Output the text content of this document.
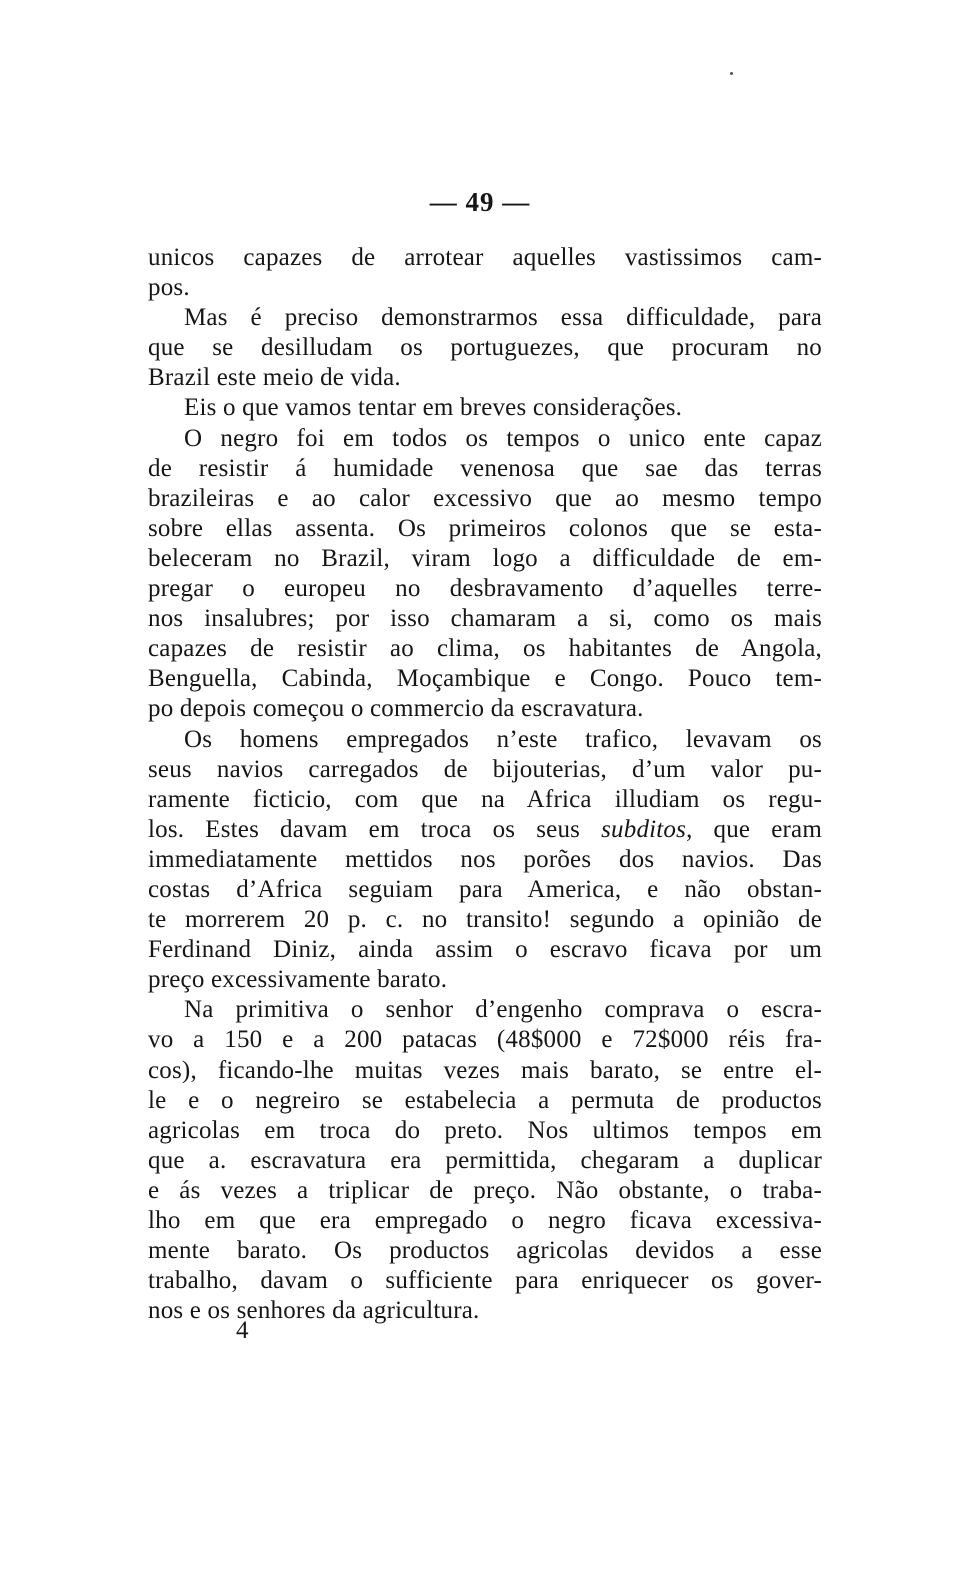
— 49 —
unicos capazes de arrotear aquelles vastissimos cam-
pos.
Mas é preciso demonstrarmos essa difficuldade, para
que se desilludam os portuguezes, que procuram no
Brazil este meio de vida.
Eis o que vamos tentar em breves considerações.
O negro foi em todos os tempos o unico ente capaz
de resistir á humidade venenosa que sae das terras
brazileiras e ao calor excessivo que ao mesmo tempo
sobre ellas assenta. Os primeiros colonos que se esta-
beleceram no Brazil, viram logo a difficuldade de em-
pregar o europeu no desbravamento d’aquelles terre-
nos insalubres; por isso chamaram a si, como os mais
capazes de resistir ao clima, os habitantes de Angola,
Benguella, Cabinda, Moçambique e Congo. Pouco tem-
po depois começou o commercio da escravatura.
Os homens empregados n’este trafico, levavam os
seus navios carregados de bijouterias, d’um valor pu-
ramente ficticio, com que na Africa illudiam os regu-
los. Estes davam em troca os seus subditos, que eram
immediatamente mettidos nos porões dos navios. Das
costas d’Africa seguiam para America, e não obstan-
te morrerem 20 p. c. no transito! segundo a opinião de
Ferdinand Diniz, ainda assim o escravo ficava por um
preço excessivamente barato.
Na primitiva o senhor d’engenho comprava o escra-
vo a 150 e a 200 patacas (48$000 e 72$000 réis fra-
cos), ficando-lhe muitas vezes mais barato, se entre el-
le e o negreiro se estabelecia a permuta de productos
agricolas em troca do preto. Nos ultimos tempos em
que a. escravatura era permittida, chegaram a duplicar
e ás vezes a triplicar de preço. Não obstante, o traba-
lho em que era empregado o negro ficava excessiva-
mente barato. Os productos agricolas devidos a esse
trabalho, davam o sufficiente para enriquecer os gover-
nos e os senhores da agricultura.
4
